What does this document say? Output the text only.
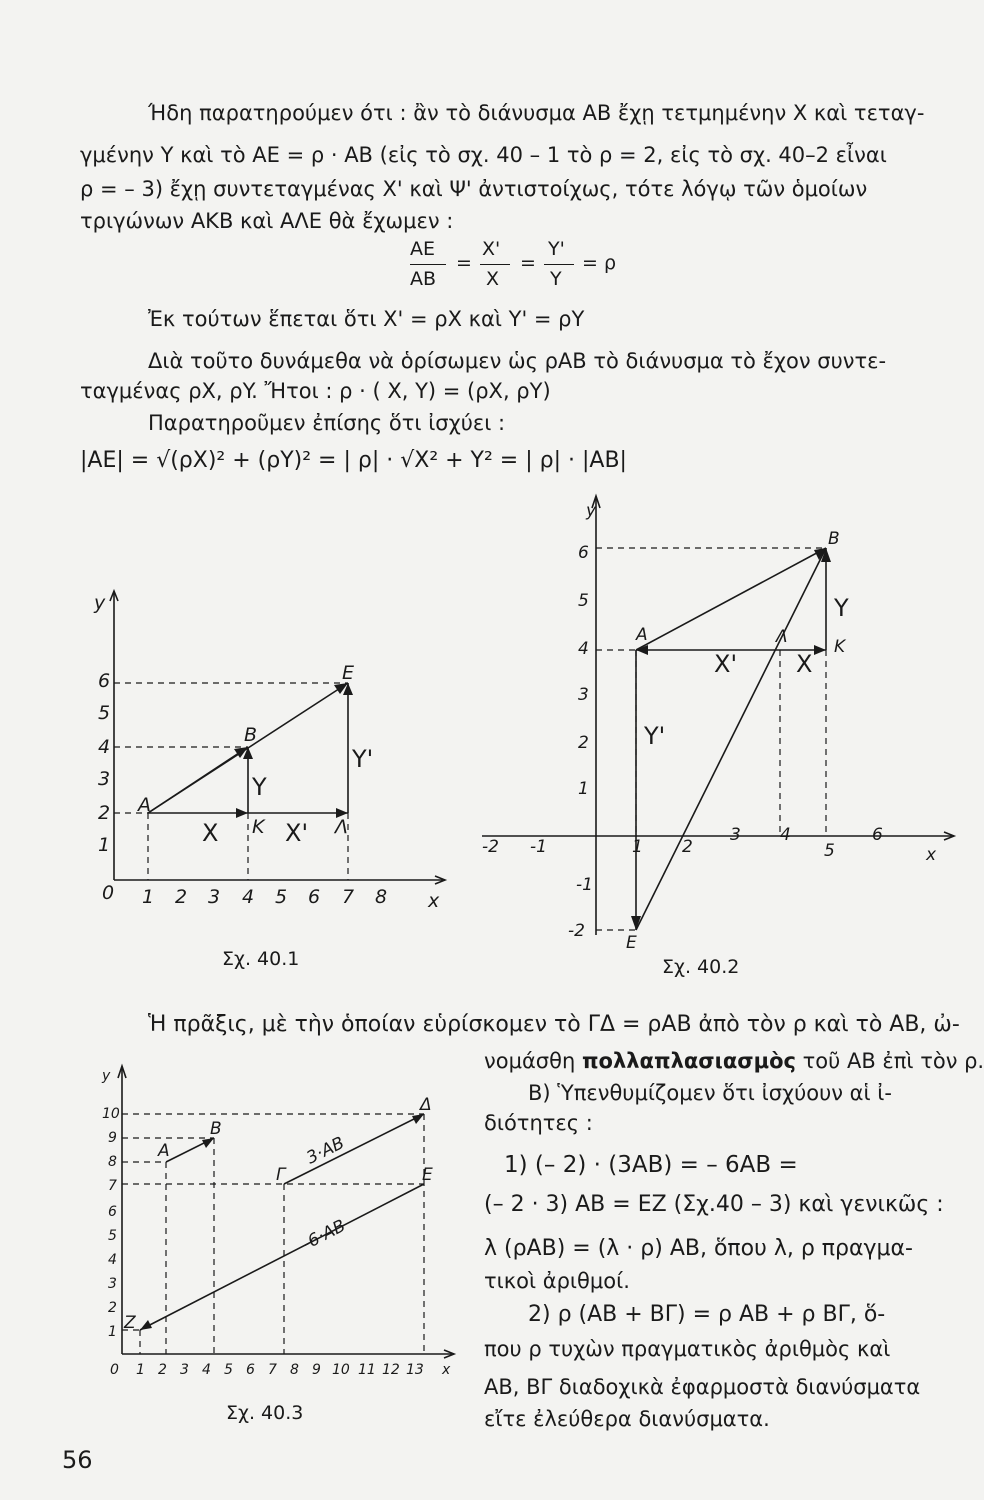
Ήδη παρατηρούμεν ότι : ἂν τὸ διάνυσμα AB ἔχῃ τετμημένην X καὶ τεταγ-
γμένην Y καὶ τὸ AE = ρ · AB (εἰς τὸ σχ. 40 – 1 τὸ ρ = 2, εἰς τὸ σχ. 40–2 εἶναι
ρ = – 3) ἔχῃ συντεταγμένας X' καὶ Ψ' ἀντιστοίχως, τότε λόγῳ τῶν ὁμοίων
τριγώνων AKB καὶ AΛE θὰ ἔχωμεν :
AE
AB
=
X'
X
=
Y'
Y
= ρ
Ἐκ τούτων ἕπεται ὅτι X' = ρX καὶ Y' = ρY
Διὰ τοῦτο δυνάμεθα νὰ ὁρίσωμεν ὡς ρAB τὸ διάνυσμα τὸ ἔχον συντε-
ταγμένας ρX, ρY. Ἤτοι : ρ · ( X, Y) = (ρX, ρY)
Παρατηροῦμεν ἐπίσης ὅτι ἰσχύει :
|AE| = √(ρX)² + (ρY)² = | ρ| · √X² + Y² = | ρ| · |AB|
y
x
0 1 2 3 4 5 6 7 8
1
2
3
4
5
6
A
B
K
E
Λ
X
Y
X'
Y'
Σχ. 40.1
y
x
-2 -1	1 2
3 4
5
6
-2
-1
1
2
3
4
5
6
A
B
K
E
Λ
X
Y
X'
Y'
Σχ. 40.2
Ἡ πρᾶξις, μὲ τὴν ὁποίαν εὑρίσκομεν τὸ ΓΔ = ρAB ἀπὸ τὸν ρ καὶ τὸ AB, ὠ-
νομάσθη πολλαπλασιασμὸς τοῦ AB ἐπὶ τὸν ρ.
B) Ὑπενθυμίζομεν ὅτι ἰσχύουν αἱ ἰ-
διότητες :
1) (– 2) · (3AB) = – 6AB =
(– 2 · 3) AB = EZ (Σχ.40 – 3) καὶ γενικῶς :
λ (ρAB) = (λ · ρ) AB, ὅπου λ, ρ πραγμα-
τικοὶ ἀριθμοί.
2) ρ (AB + BΓ) = ρ AB + ρ BΓ, ὅ-
που ρ τυχὼν πραγματικὸς ἀριθμὸς καὶ
AB, BΓ διαδοχικὰ ἐφαρμοστὰ διανύσματα
εἴτε ἐλεύθερα διανύσματα.
y
x
0 1 2 3 4 5 6 7 8 9 10 11 12 13
1
2
3
4
5
6
7
8
9
10
A
B
Γ
Δ
E
Z
3·AB
-6·AB
Σχ. 40.3
56
